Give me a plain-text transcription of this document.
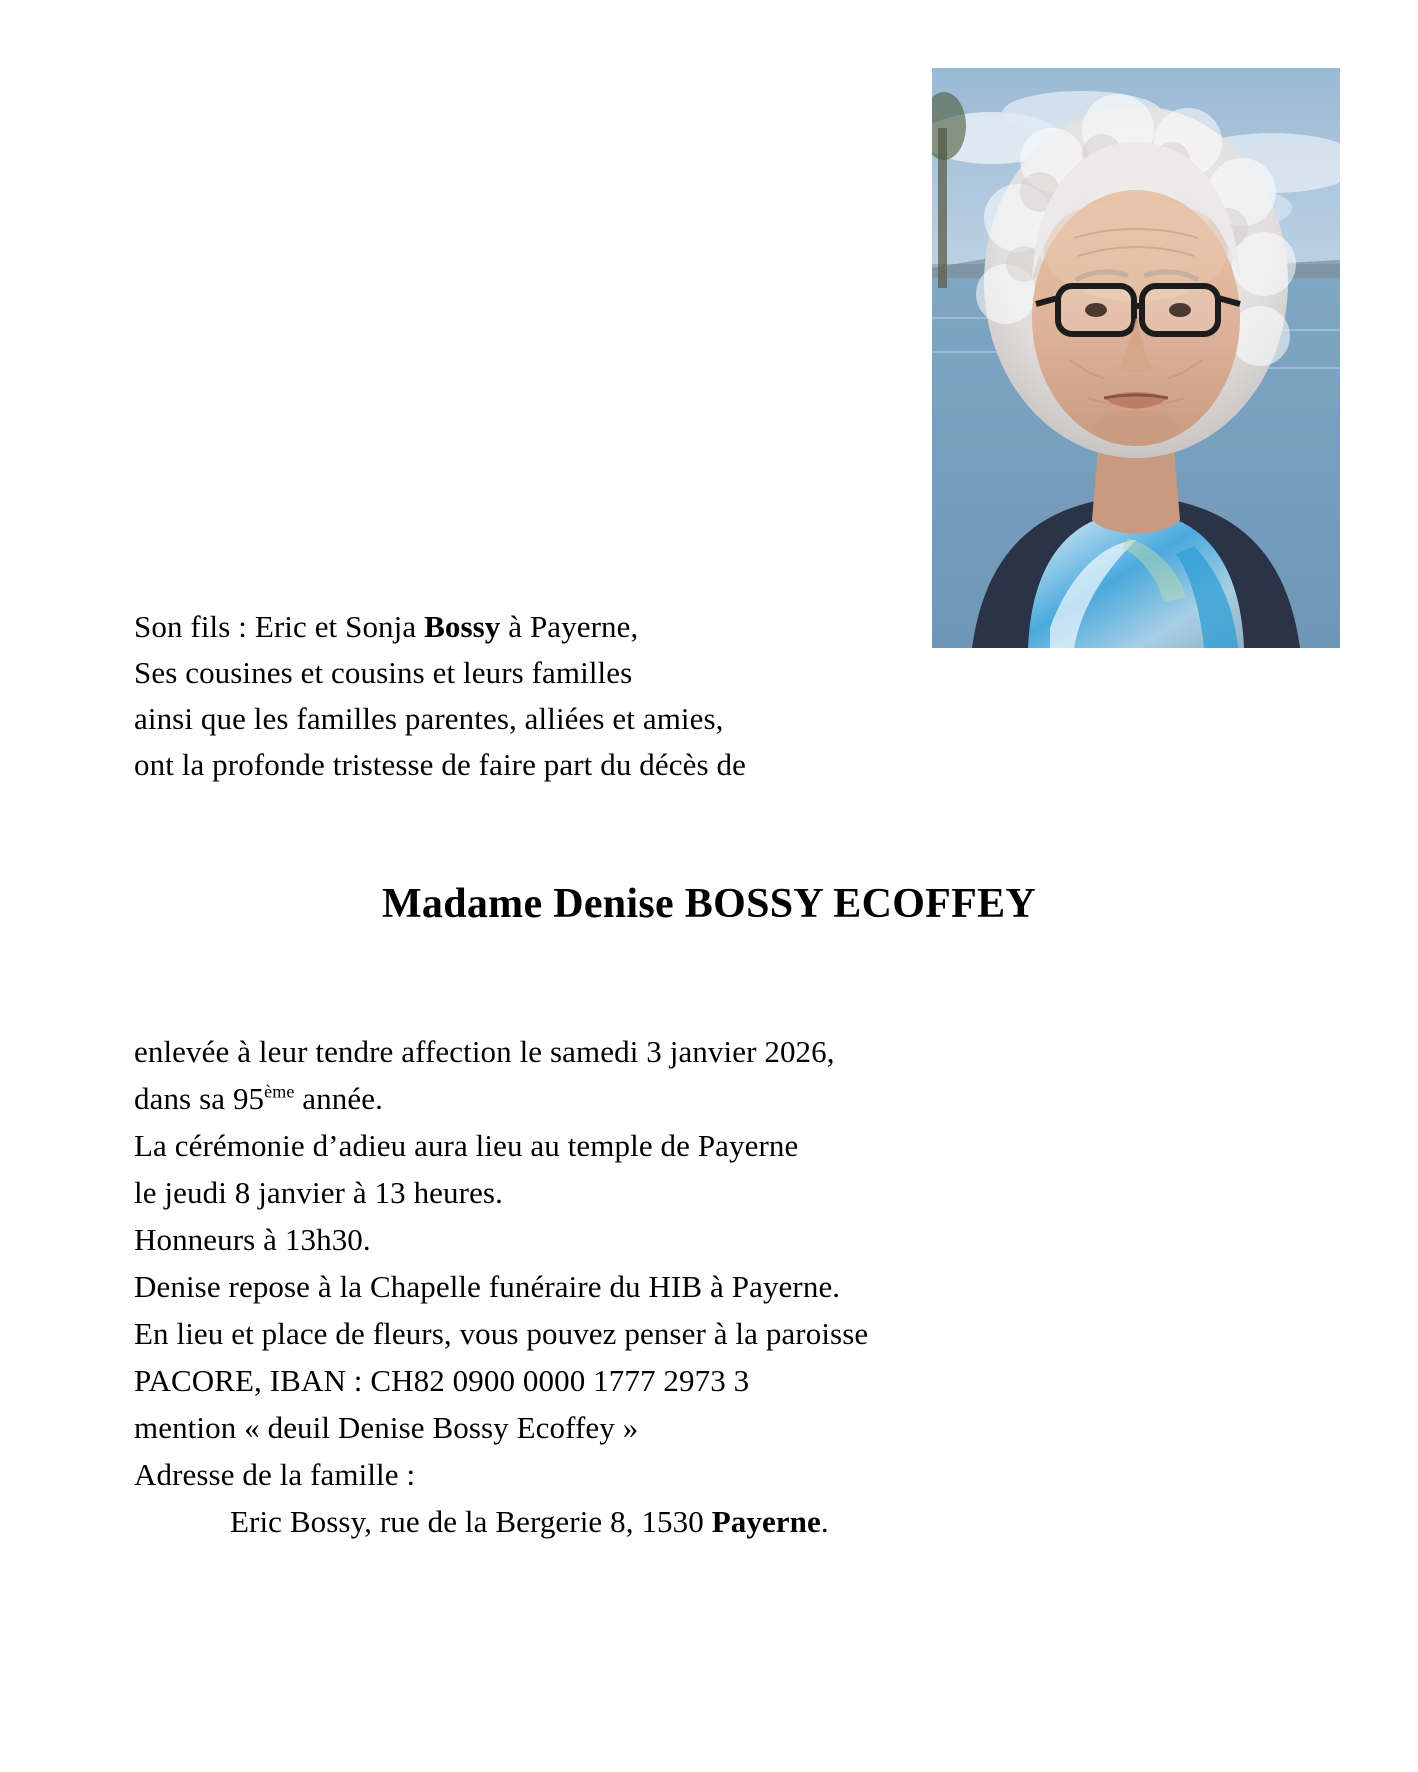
Son fils : Eric et Sonja Bossy à Payerne,
Ses cousines et cousins et leurs familles
ainsi que les familles parentes, alliées et amies,
ont la profonde tristesse de faire part du décès de
Madame Denise BOSSY ECOFFEY
enlevée à leur tendre affection le samedi 3 janvier 2026,
dans sa 95ème année.
La cérémonie d’adieu aura lieu au temple de Payerne
le jeudi 8 janvier à 13 heures.
Honneurs à 13h30.
Denise repose à la Chapelle funéraire du HIB à Payerne.
En lieu et place de fleurs, vous pouvez penser à la paroisse
PACORE, IBAN : CH82 0900 0000 1777 2973 3
mention « deuil Denise Bossy Ecoffey »
Adresse de la famille :
Eric Bossy, rue de la Bergerie 8, 1530 Payerne.
